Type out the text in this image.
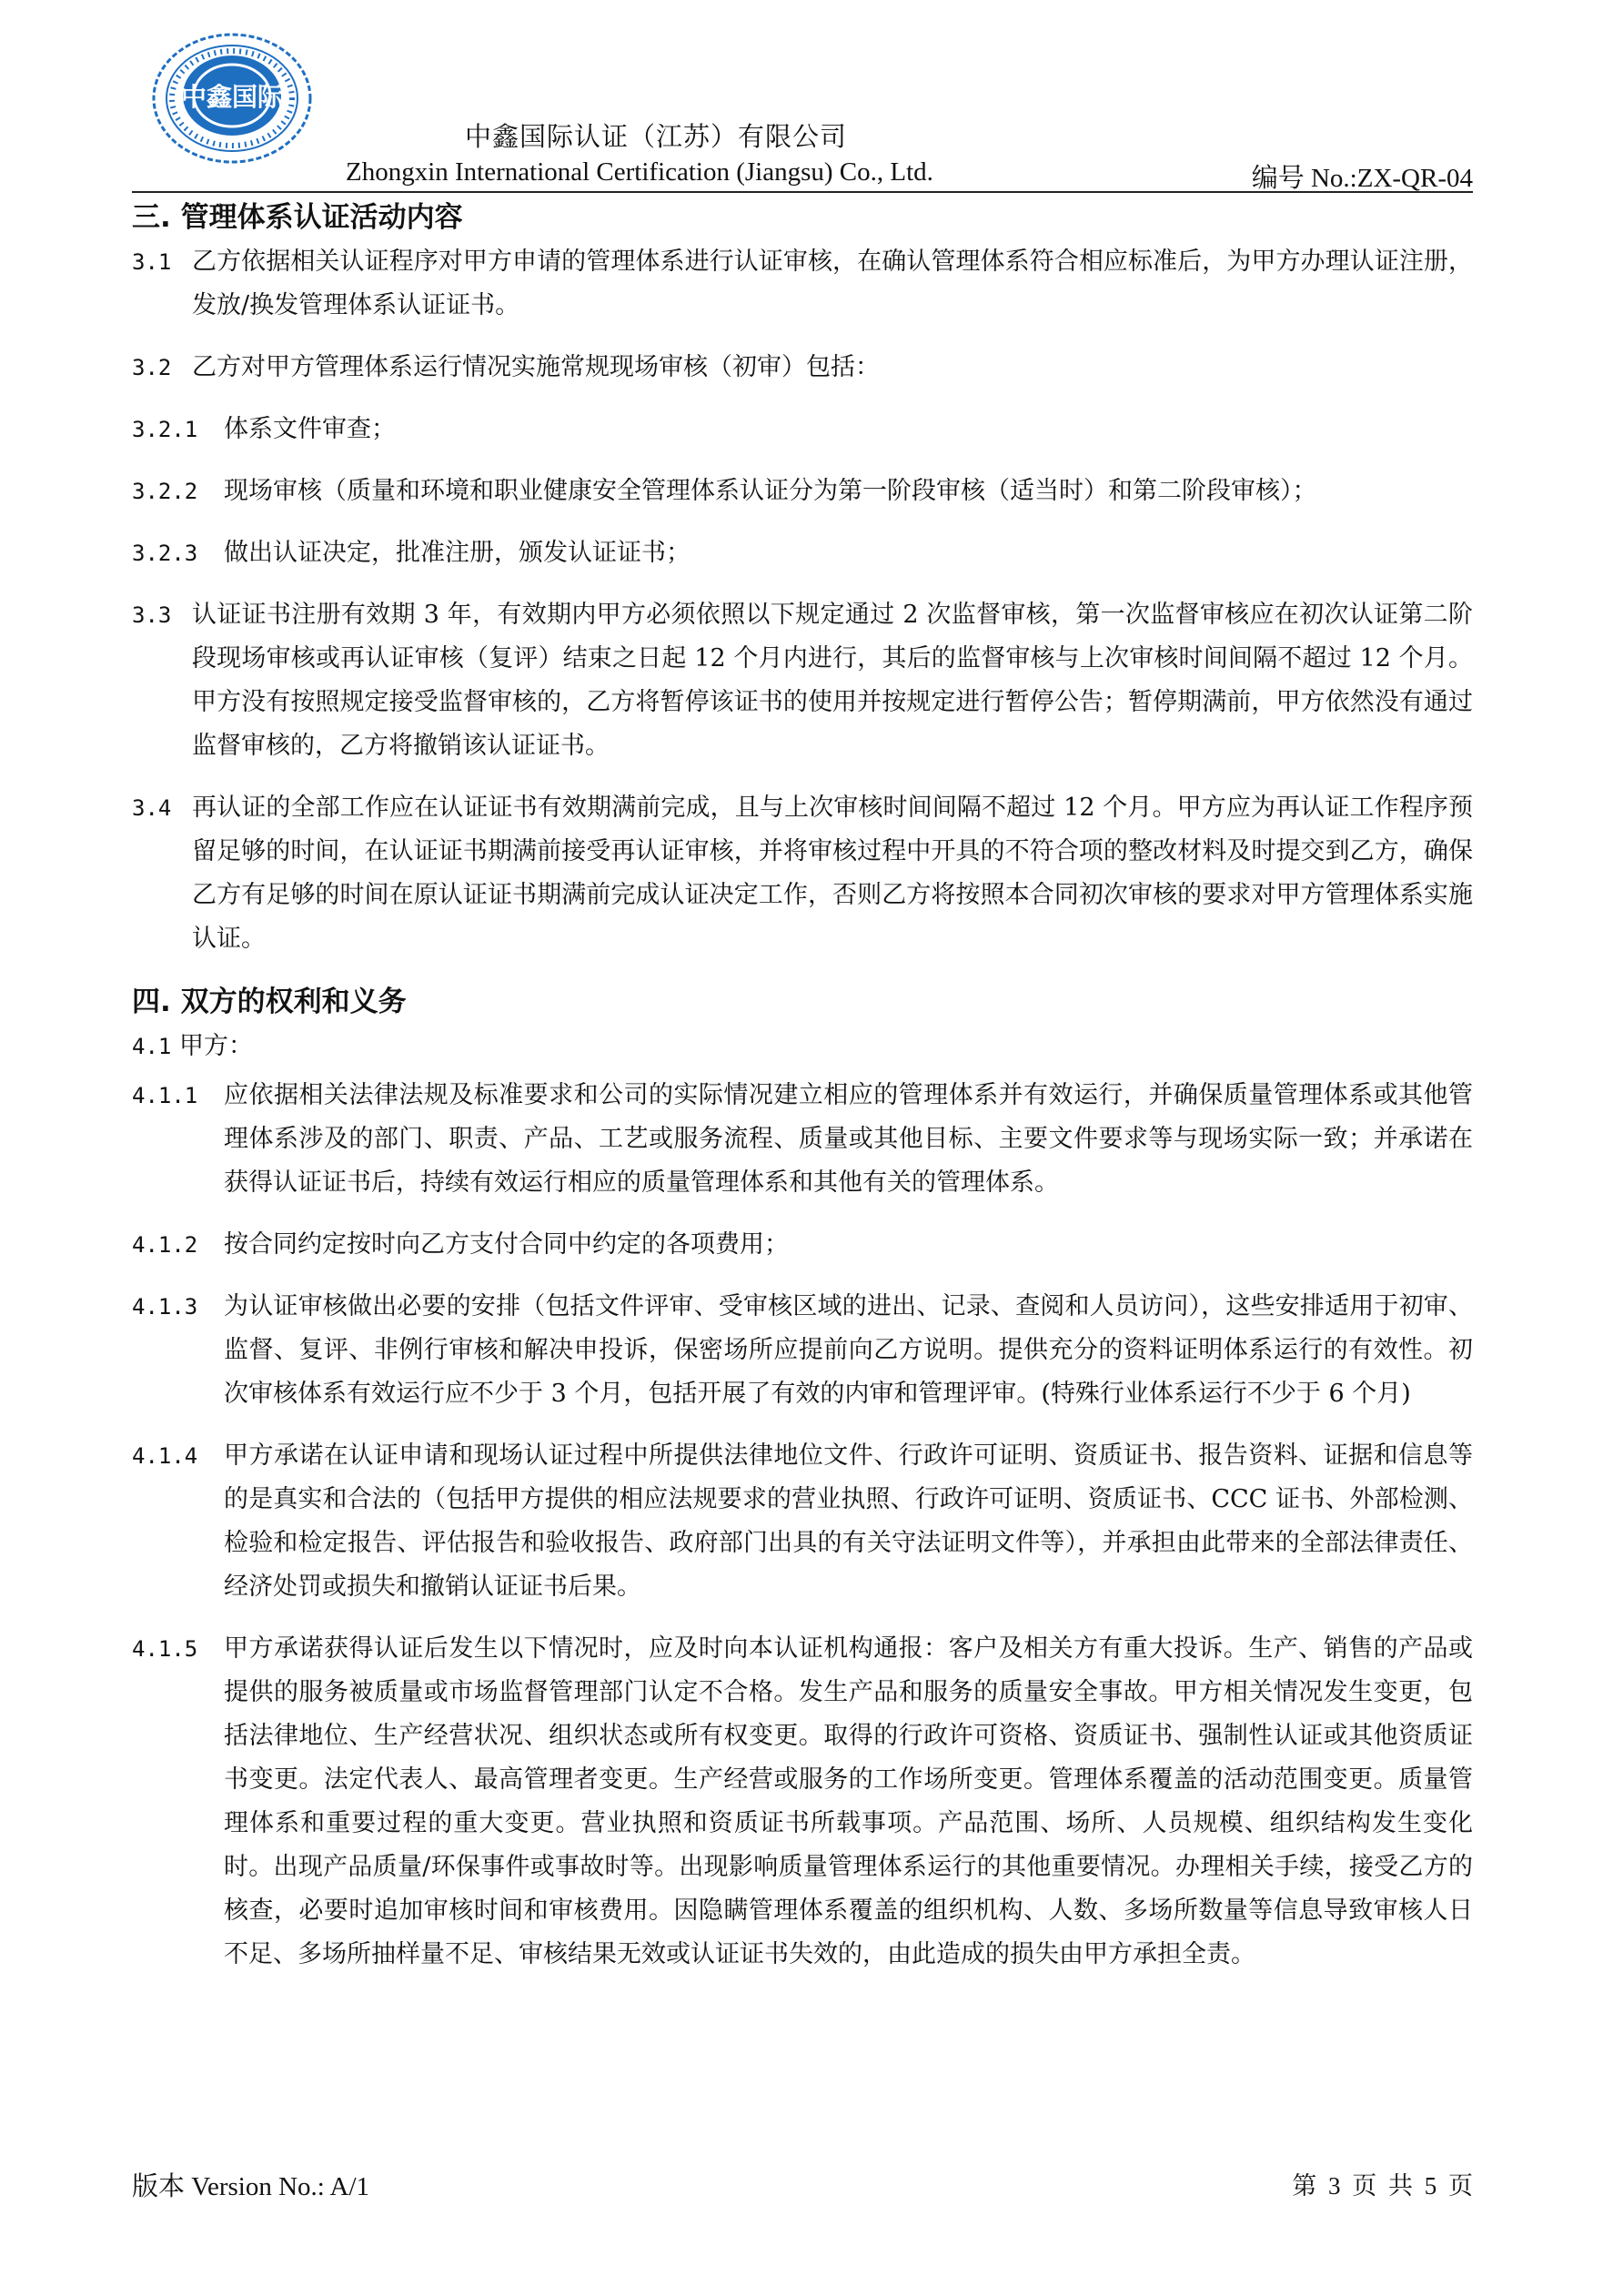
中鑫国际
中鑫国际认证（江苏）有限公司
Zhongxin International Certification (Jiangsu) Co., Ltd.	编号 No.:ZX-QR-04
三. 管理体系认证活动内容

3.1 乙方依据相关认证程序对甲方申请的管理体系进行认证审核，在确认管理体系符合相应标准后，为甲方办理认证注册，发放/换发管理体系认证证书。

3.2 乙方对甲方管理体系运行情况实施常规现场审核（初审）包括：

3.2.1 体系文件审查；

3.2.2 现场审核（质量和环境和职业健康安全管理体系认证分为第一阶段审核（适当时）和第二阶段审核）；

3.2.3 做出认证决定，批准注册，颁发认证证书；

3.3 认证证书注册有效期 3 年，有效期内甲方必须依照以下规定通过 2 次监督审核，第一次监督审核应在初次认证第二阶段现场审核或再认证审核（复评）结束之日起 12 个月内进行，其后的监督审核与上次审核时间间隔不超过 12 个月。甲方没有按照规定接受监督审核的，乙方将暂停该证书的使用并按规定进行暂停公告；暂停期满前，甲方依然没有通过监督审核的，乙方将撤销该认证证书。

3.4 再认证的全部工作应在认证证书有效期满前完成，且与上次审核时间间隔不超过 12 个月。甲方应为再认证工作程序预留足够的时间，在认证证书期满前接受再认证审核，并将审核过程中开具的不符合项的整改材料及时提交到乙方，确保乙方有足够的时间在原认证证书期满前完成认证决定工作，否则乙方将按照本合同初次审核的要求对甲方管理体系实施认证。

四. 双方的权利和义务

4.1 甲方：

4.1.1 应依据相关法律法规及标准要求和公司的实际情况建立相应的管理体系并有效运行，并确保质量管理体系或其他管理体系涉及的部门、职责、产品、工艺或服务流程、质量或其他目标、主要文件要求等与现场实际一致；并承诺在获得认证证书后，持续有效运行相应的质量管理体系和其他有关的管理体系。

4.1.2 按合同约定按时向乙方支付合同中约定的各项费用；

4.1.3 为认证审核做出必要的安排（包括文件评审、受审核区域的进出、记录、查阅和人员访问），这些安排适用于初审、监督、复评、非例行审核和解决申投诉，保密场所应提前向乙方说明。提供充分的资料证明体系运行的有效性。初次审核体系有效运行应不少于 3 个月，包括开展了有效的内审和管理评审。(特殊行业体系运行不少于 6 个月)

4.1.4 甲方承诺在认证申请和现场认证过程中所提供法律地位文件、行政许可证明、资质证书、报告资料、证据和信息等的是真实和合法的（包括甲方提供的相应法规要求的营业执照、行政许可证明、资质证书、CCC 证书、外部检测、检验和检定报告、评估报告和验收报告、政府部门出具的有关守法证明文件等），并承担由此带来的全部法律责任、经济处罚或损失和撤销认证证书后果。

4.1.5 甲方承诺获得认证后发生以下情况时，应及时向本认证机构通报：客户及相关方有重大投诉。生产、销售的产品或提供的服务被质量或市场监督管理部门认定不合格。发生产品和服务的质量安全事故。甲方相关情况发生变更，包括法律地位、生产经营状况、组织状态或所有权变更。取得的行政许可资格、资质证书、强制性认证或其他资质证书变更。法定代表人、最高管理者变更。生产经营或服务的工作场所变更。管理体系覆盖的活动范围变更。质量管理体系和重要过程的重大变更。营业执照和资质证书所载事项。产品范围、场所、人员规模、组织结构发生变化时。出现产品质量/环保事件或事故时等。出现影响质量管理体系运行的其他重要情况。办理相关手续，接受乙方的核查，必要时追加审核时间和审核费用。因隐瞒管理体系覆盖的组织机构、人数、多场所数量等信息导致审核人日不足、多场所抽样量不足、审核结果无效或认证证书失效的，由此造成的损失由甲方承担全责。

版本 Version No.: A/1	第 3 页 共 5 页
